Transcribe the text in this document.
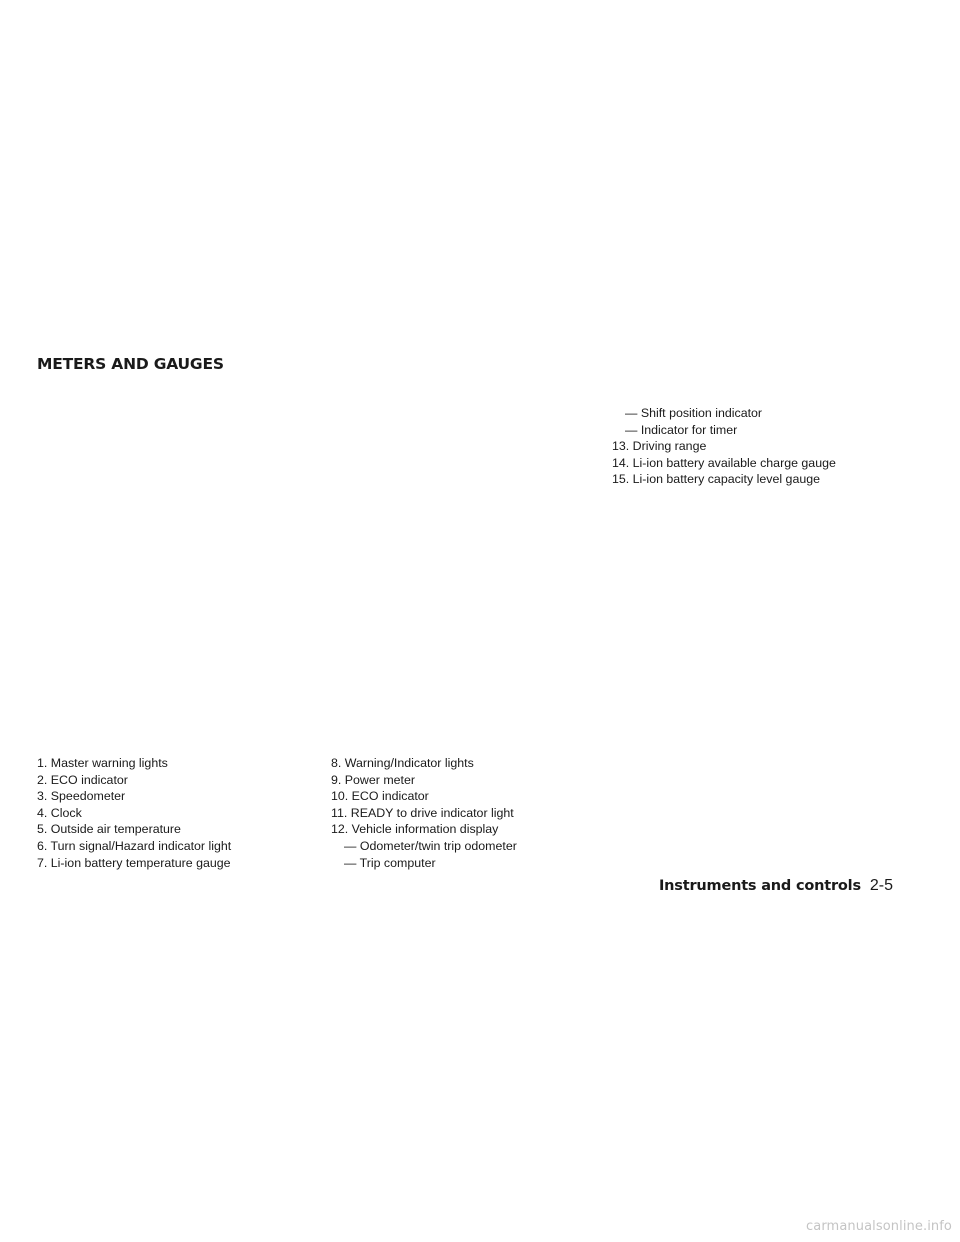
METERS AND GAUGES
1. Master warning lights
2. ECO indicator
3. Speedometer
4. Clock
5. Outside air temperature
6. Turn signal/Hazard indicator light
7. Li-ion battery temperature gauge
8. Warning/Indicator lights
9. Power meter
10. ECO indicator
11. READY to drive indicator light
12. Vehicle information display
— Odometer/twin trip odometer
— Trip computer
— Shift position indicator
— Indicator for timer
13. Driving range
14. Li-ion battery available charge gauge
15. Li-ion battery capacity level gauge
Instruments and controls 2-5
carmanualsonline.info
